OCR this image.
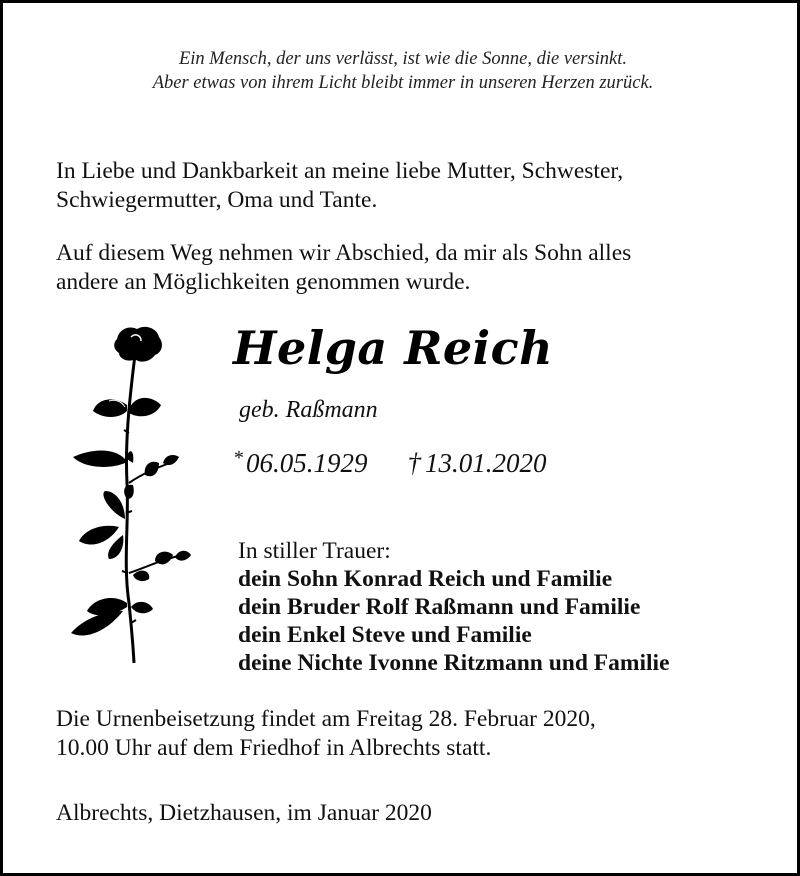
Ein Mensch, der uns verlässt, ist wie die Sonne, die versinkt.
Aber etwas von ihrem Licht bleibt immer in unseren Herzen zurück.
In Liebe und Dankbarkeit an meine liebe Mutter, Schwester,
Schwiegermutter, Oma und Tante.
Auf diesem Weg nehmen wir Abschied, da mir als Sohn alles
andere an Möglichkeiten genommen wurde.
Helga Reich
geb. Raßmann
* 06.05.1929 † 13.01.2020
In stiller Trauer:
dein Sohn Konrad Reich und Familie
dein Bruder Rolf Raßmann und Familie
dein Enkel Steve und Familie
deine Nichte Ivonne Ritzmann und Familie
Die Urnenbeisetzung findet am Freitag 28. Februar 2020,
10.00 Uhr auf dem Friedhof in Albrechts statt.
Albrechts, Dietzhausen, im Januar 2020
